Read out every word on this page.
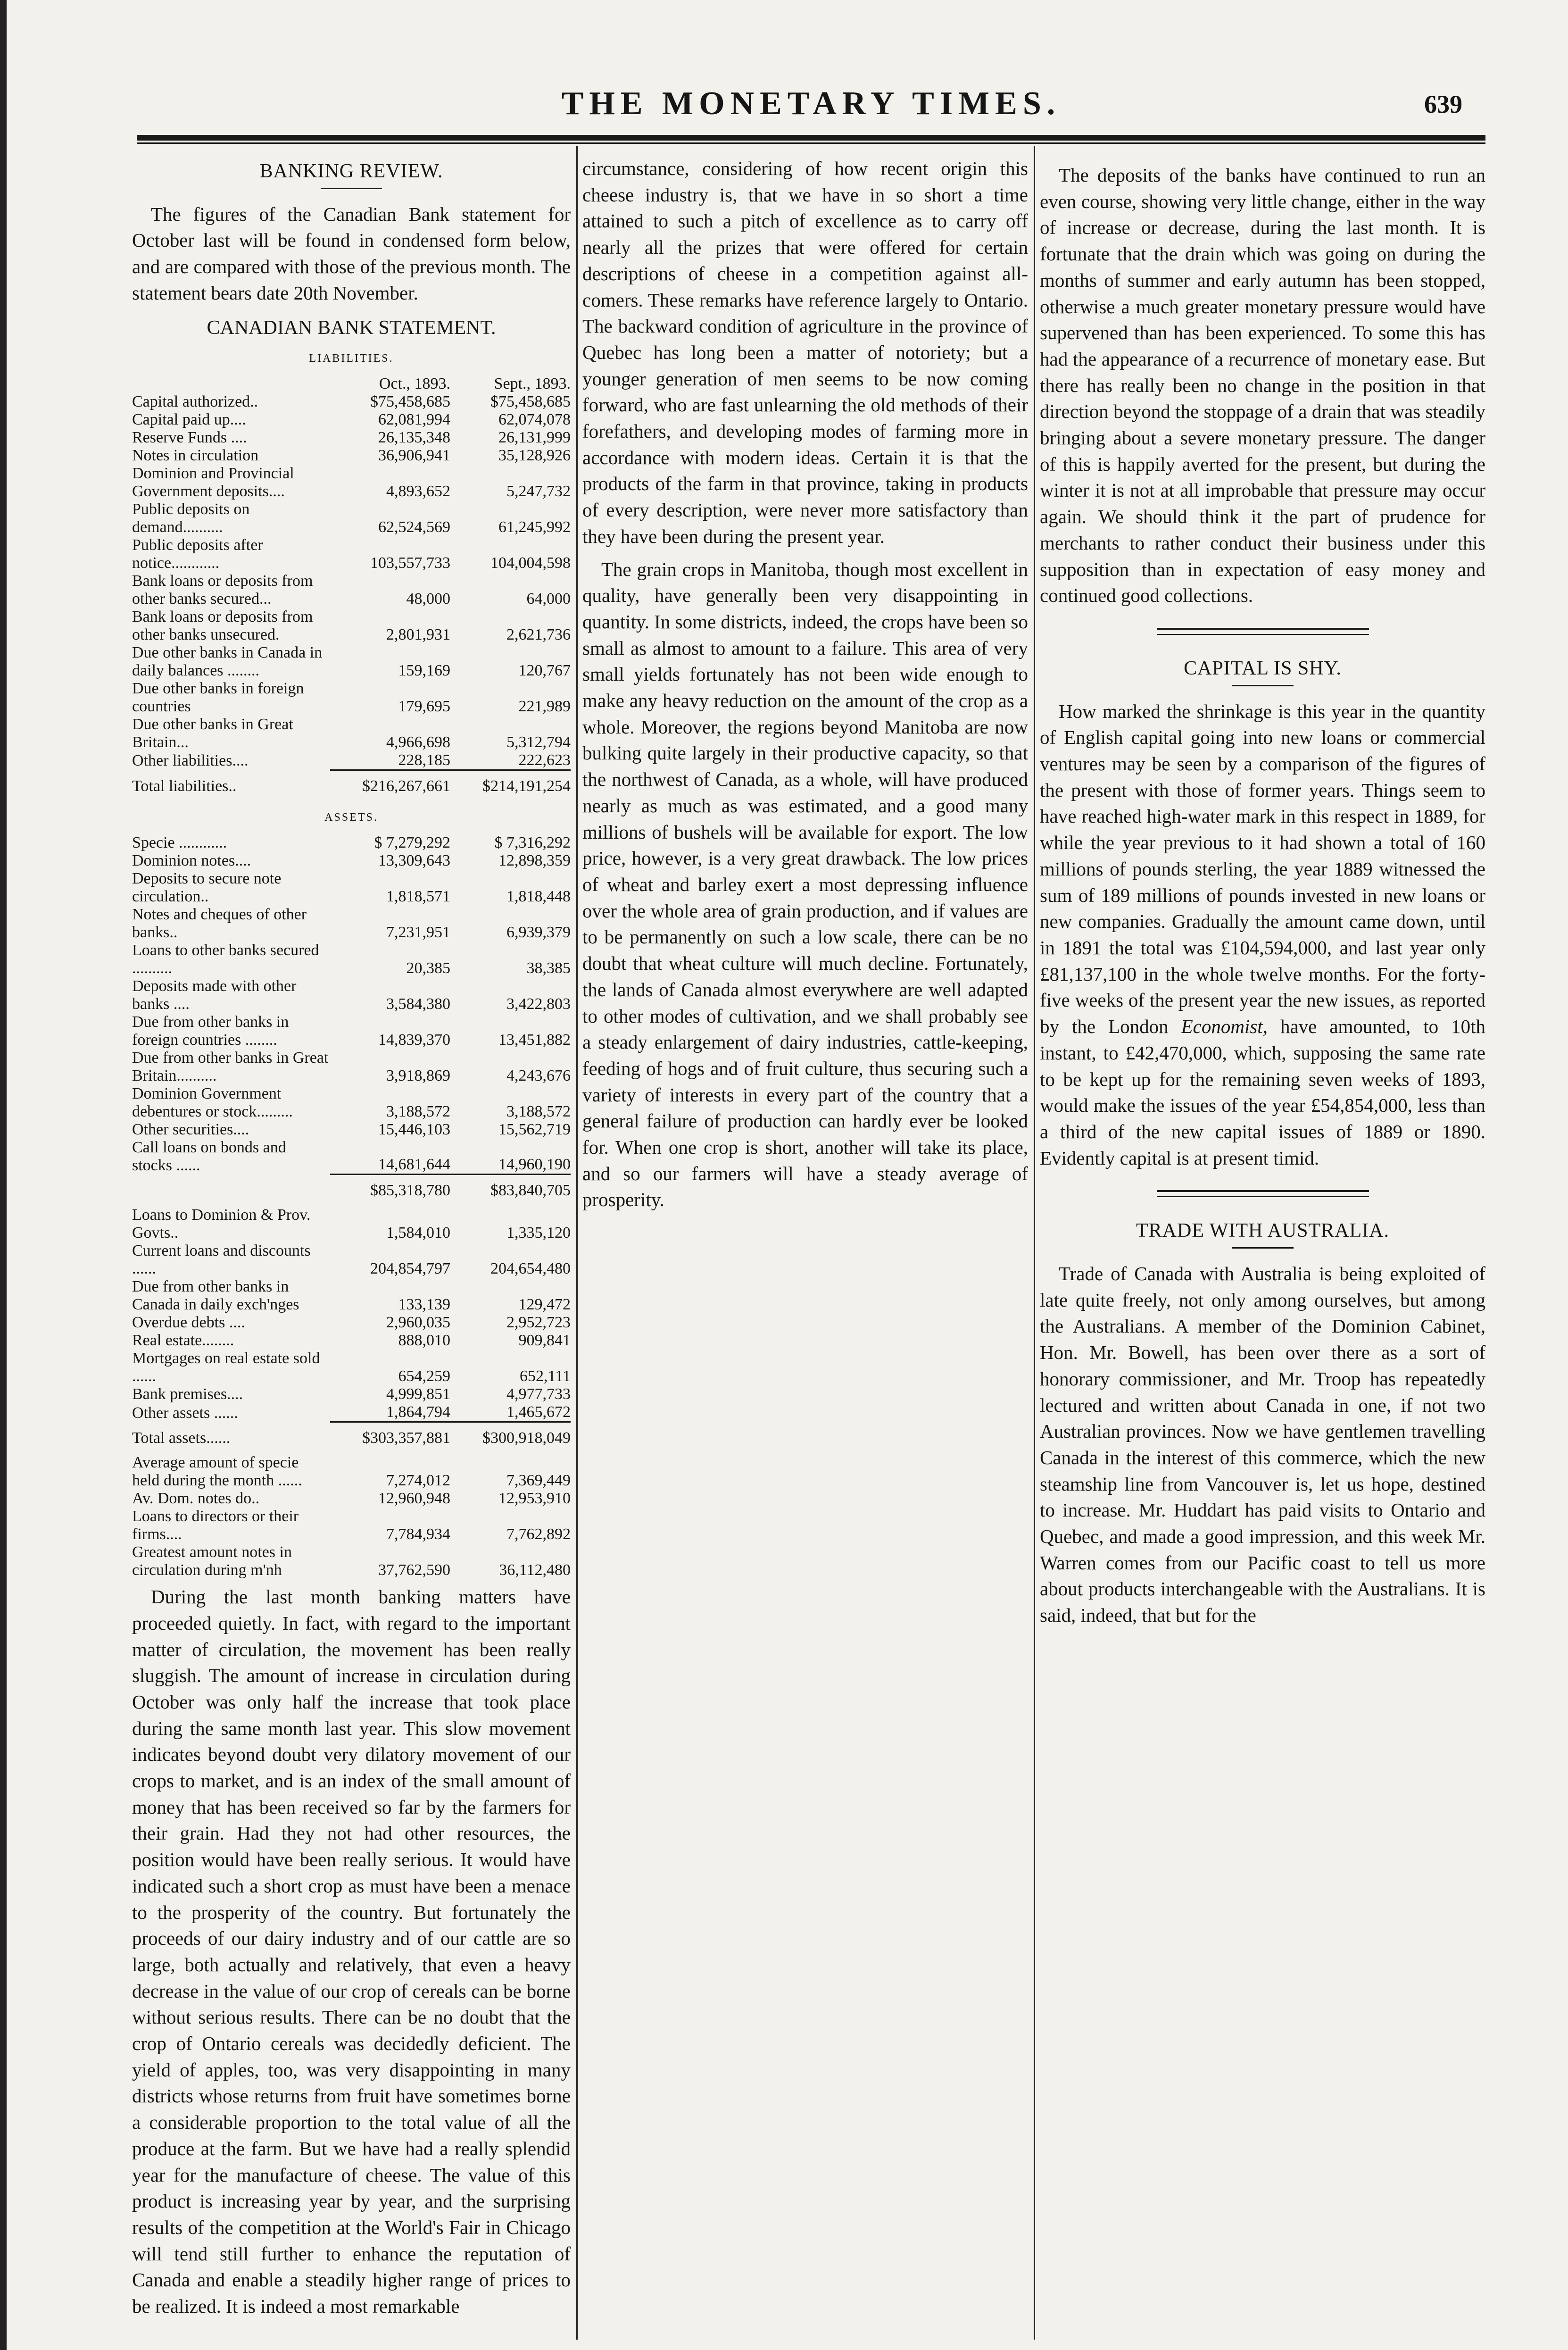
THE MONETARY TIMES.	639
BANKING REVIEW.

The figures of the Canadian Bank statement for October last will be found in condensed form below, and are compared with those of the previous month. The statement bears date 20th November.

CANADIAN BANK STATEMENT.
LIABILITIES.
	Oct., 1893.	Sept., 1893.
Capital authorized..	$75,458,685	$75,458,685
Capital paid up....	62,081,994	62,074,078
Reserve Funds ....	26,135,348	26,131,999
Notes in circulation	36,906,941	35,128,926
Dominion and Provincial Government deposits....	4,893,652	5,247,732
Public deposits on demand..........	62,524,569	61,245,992
Public deposits after notice............	103,557,733	104,004,598
Bank loans or deposits from other banks secured...	48,000	64,000
Bank loans or deposits from other banks unsecured.	2,801,931	2,621,736
Due other banks in Canada in daily balances ........	159,169	120,767
Due other banks in foreign countries	179,695	221,989
Due other banks in Great Britain...	4,966,698	5,312,794
Other liabilities....	228,185	222,623
Total liabilities..	$216,267,661	$214,191,254
ASSETS.
Specie ............	$ 7,279,292	$ 7,316,292
Dominion notes....	13,309,643	12,898,359
Deposits to secure note circulation..	1,818,571	1,818,448
Notes and cheques of other banks..	7,231,951	6,939,379
Loans to other banks secured ..........	20,385	38,385
Deposits made with other banks ....	3,584,380	3,422,803
Due from other banks in foreign countries ........	14,839,370	13,451,882
Due from other banks in Great Britain..........	3,918,869	4,243,676
Dominion Government debentures or stock.........	3,188,572	3,188,572
Other securities....	15,446,103	15,562,719
Call loans on bonds and stocks ......	14,681,644	14,960,190
	$85,318,780	$83,840,705
Loans to Dominion & Prov. Govts..	1,584,010	1,335,120
Current loans and discounts ......	204,854,797	204,654,480
Due from other banks in Canada in daily exch'nges	133,139	129,472
Overdue debts ....	2,960,035	2,952,723
Real estate........	888,010	909,841
Mortgages on real estate sold ......	654,259	652,111
Bank premises....	4,999,851	4,977,733
Other assets ......	1,864,794	1,465,672
Total assets......	$303,357,881	$300,918,049
Average amount of specie held during the month ......	7,274,012	7,369,449
Av. Dom. notes do..	12,960,948	12,953,910
Loans to directors or their firms....	7,784,934	7,762,892
Greatest amount notes in circulation during m'nh	37,762,590	36,112,480

During the last month banking matters have proceeded quietly. In fact, with regard to the important matter of circulation, the movement has been really sluggish. The amount of increase in circulation during October was only half the increase that took place during the same month last year. This slow movement indicates beyond doubt very dilatory movement of our crops to market, and is an index of the small amount of money that has been received so far by the farmers for their grain. Had they not had other resources, the position would have been really serious. It would have indicated such a short crop as must have been a menace to the prosperity of the country. But fortunately the proceeds of our dairy industry and of our cattle are so large, both actually and relatively, that even a heavy decrease in the value of our crop of cereals can be borne without serious results. There can be no doubt that the crop of Ontario cereals was decidedly deficient. The yield of apples, too, was very disappointing in many districts whose returns from fruit have sometimes borne a considerable proportion to the total value of all the produce at the farm. But we have had a really splendid year for the manufacture of cheese. The value of this product is increasing year by year, and the surprising results of the competition at the World's Fair in Chicago will tend still further to enhance the reputation of Canada and enable a steadily higher range of prices to be realized. It is indeed a most remarkable

circumstance, considering of how recent origin this cheese industry is, that we have in so short a time attained to such a pitch of excellence as to carry off nearly all the prizes that were offered for certain descriptions of cheese in a competition against all-comers. These remarks have reference largely to Ontario. The backward condition of agriculture in the province of Quebec has long been a matter of notoriety; but a younger generation of men seems to be now coming forward, who are fast unlearning the old methods of their forefathers, and developing modes of farming more in accordance with modern ideas. Certain it is that the products of the farm in that province, taking in products of every description, were never more satisfactory than they have been during the present year.

The grain crops in Manitoba, though most excellent in quality, have generally been very disappointing in quantity. In some districts, indeed, the crops have been so small as almost to amount to a failure. This area of very small yields fortunately has not been wide enough to make any heavy reduction on the amount of the crop as a whole. Moreover, the regions beyond Manitoba are now bulking quite largely in their productive capacity, so that the northwest of Canada, as a whole, will have produced nearly as much as was estimated, and a good many millions of bushels will be available for export. The low price, however, is a very great drawback. The low prices of wheat and barley exert a most depressing influence over the whole area of grain production, and if values are to be permanently on such a low scale, there can be no doubt that wheat culture will much decline. Fortunately, the lands of Canada almost everywhere are well adapted to other modes of cultivation, and we shall probably see a steady enlargement of dairy industries, cattle-keeping, feeding of hogs and of fruit culture, thus securing such a variety of interests in every part of the country that a general failure of production can hardly ever be looked for. When one crop is short, another will take its place, and so our farmers will have a steady average of prosperity.

The deposits of the banks have continued to run an even course, showing very little change, either in the way of increase or decrease, during the last month. It is fortunate that the drain which was going on during the months of summer and early autumn has been stopped, otherwise a much greater monetary pressure would have supervened than has been experienced. To some this has had the appearance of a recurrence of monetary ease. But there has really been no change in the position in that direction beyond the stoppage of a drain that was steadily bringing about a severe monetary pressure. The danger of this is happily averted for the present, but during the winter it is not at all improbable that pressure may occur again. We should think it the part of prudence for merchants to rather conduct their business under this supposition than in expectation of easy money and continued good collections.

CAPITAL IS SHY.

How marked the shrinkage is this year in the quantity of English capital going into new loans or commercial ventures may be seen by a comparison of the figures of the present with those of former years. Things seem to have reached high-water mark in this respect in 1889, for while the year previous to it had shown a total of 160 millions of pounds sterling, the year 1889 witnessed the sum of 189 millions of pounds invested in new loans or new companies. Gradually the amount came down, until in 1891 the total was £104,594,000, and last year only £81,137,100 in the whole twelve months. For the forty-five weeks of the present year the new issues, as reported by the London Economist, have amounted, to 10th instant, to £42,470,000, which, supposing the same rate to be kept up for the remaining seven weeks of 1893, would make the issues of the year £54,854,000, less than a third of the new capital issues of 1889 or 1890. Evidently capital is at present timid.

TRADE WITH AUSTRALIA.

Trade of Canada with Australia is being exploited of late quite freely, not only among ourselves, but among the Australians. A member of the Dominion Cabinet, Hon. Mr. Bowell, has been over there as a sort of honorary commissioner, and Mr. Troop has repeatedly lectured and written about Canada in one, if not two Australian provinces. Now we have gentlemen travelling Canada in the interest of this commerce, which the new steamship line from Vancouver is, let us hope, destined to increase. Mr. Huddart has paid visits to Ontario and Quebec, and made a good impression, and this week Mr. Warren comes from our Pacific coast to tell us more about products interchangeable with the Australians. It is said, indeed, that but for the
